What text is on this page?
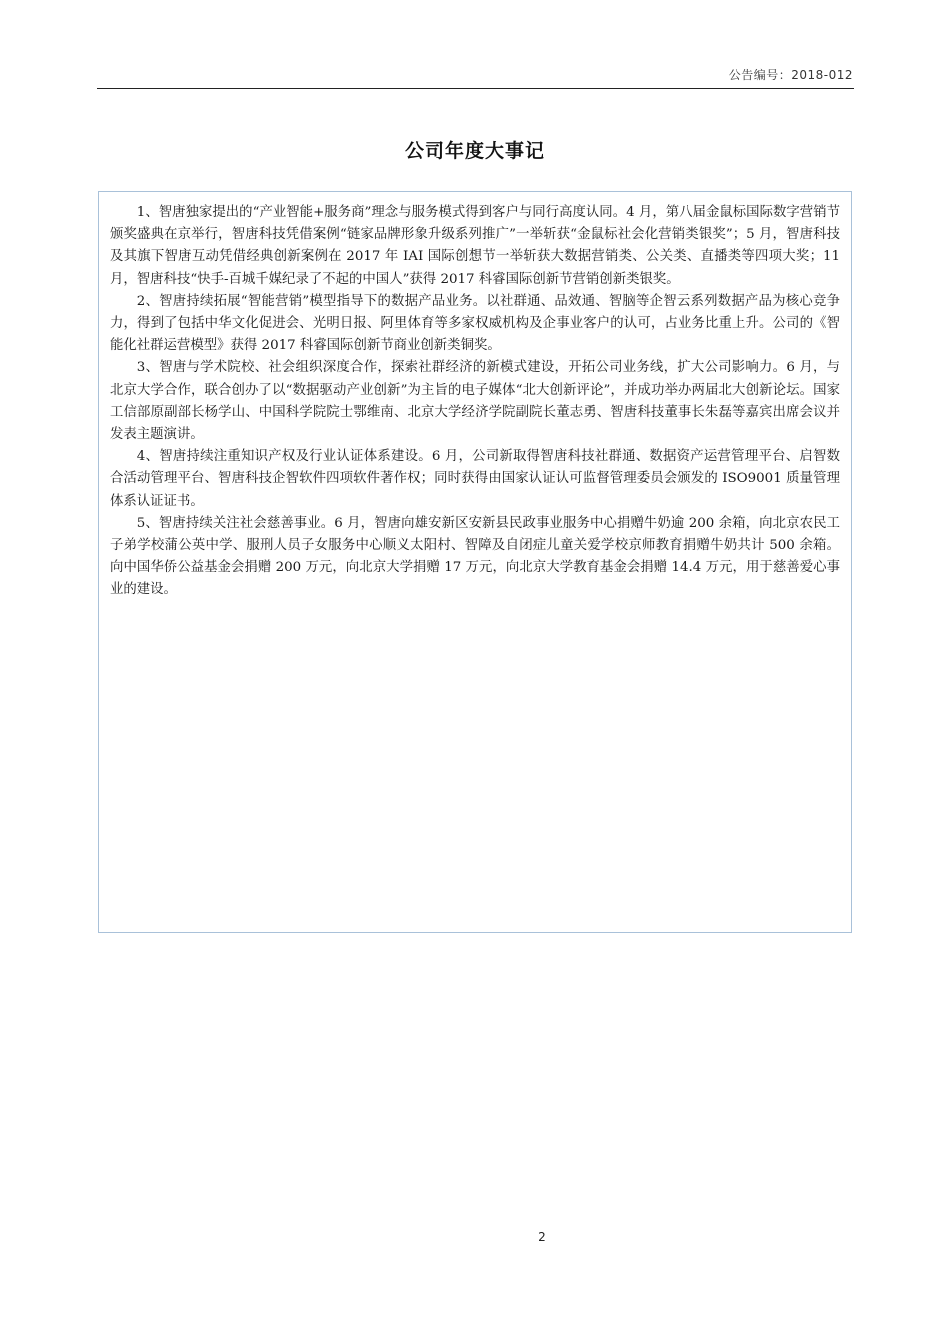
公告编号：2018-012
公司年度大事记

1、智唐独家提出的“产业智能+服务商”理念与服务模式得到客户与同行高度认同。4 月，第八届金鼠标国际数字营销节颁奖盛典在京举行，智唐科技凭借案例“链家品牌形象升级系列推广”一举斩获“金鼠标社会化营销类银奖”；5 月，智唐科技及其旗下智唐互动凭借经典创新案例在 2017 年 IAI 国际创想节一举斩获大数据营销类、公关类、直播类等四项大奖；11 月，智唐科技“快手-百城千媒纪录了不起的中国人”获得 2017 科睿国际创新节营销创新类银奖。

2、智唐持续拓展“智能营销”模型指导下的数据产品业务。以社群通、品效通、智脑等企智云系列数据产品为核心竞争力，得到了包括中华文化促进会、光明日报、阿里体育等多家权威机构及企事业客户的认可，占业务比重上升。公司的《智能化社群运营模型》获得 2017 科睿国际创新节商业创新类铜奖。

3、智唐与学术院校、社会组织深度合作，探索社群经济的新模式建设，开拓公司业务线，扩大公司影响力。6 月，与北京大学合作，联合创办了以“数据驱动产业创新”为主旨的电子媒体“北大创新评论”，并成功举办两届北大创新论坛。国家工信部原副部长杨学山、中国科学院院士鄂维南、北京大学经济学院副院长董志勇、智唐科技董事长朱磊等嘉宾出席会议并发表主题演讲。

4、智唐持续注重知识产权及行业认证体系建设。6 月，公司新取得智唐科技社群通、数据资产运营管理平台、启智数合活动管理平台、智唐科技企智软件四项软件著作权；同时获得由国家认证认可监督管理委员会颁发的 ISO9001 质量管理体系认证证书。

5、智唐持续关注社会慈善事业。6 月，智唐向雄安新区安新县民政事业服务中心捐赠牛奶逾 200 余箱，向北京农民工子弟学校蒲公英中学、服刑人员子女服务中心顺义太阳村、智障及自闭症儿童关爱学校京师教育捐赠牛奶共计 500 余箱。向中国华侨公益基金会捐赠 200 万元，向北京大学捐赠 17 万元，向北京大学教育基金会捐赠 14.4 万元，用于慈善爱心事业的建设。

2
